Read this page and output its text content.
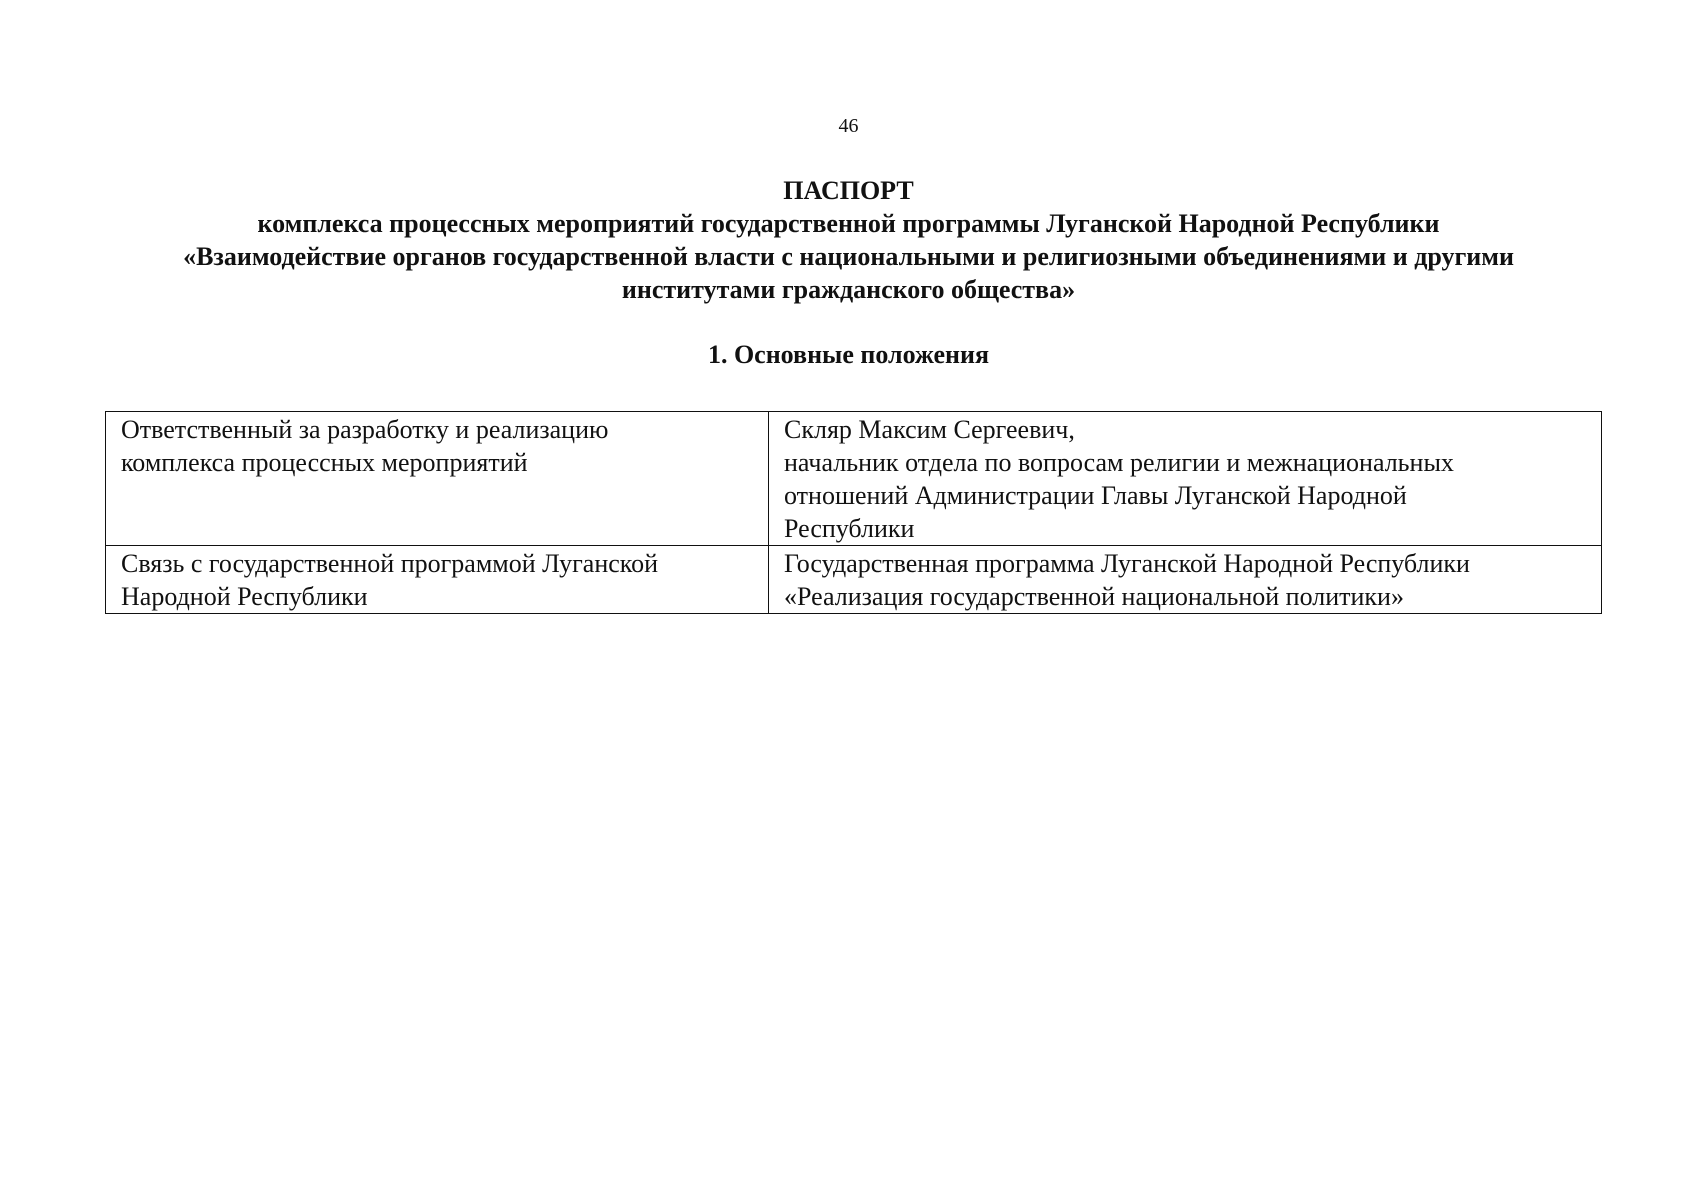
46
ПАСПОРТ
комплекса процессных мероприятий государственной программы Луганской Народной Республики
«Взаимодействие органов государственной власти с национальными и религиозными объединениями и другими
институтами гражданского общества»
1. Основные положения
Ответственный за разработку и реализацию
комплекса процессных мероприятий	Скляр Максим Сергеевич,
начальник отдела по вопросам религии и межнациональных
отношений Администрации Главы Луганской Народной
Республики

Связь с государственной программой Луганской
Народной Республики	Государственная программа Луганской Народной Республики
«Реализация государственной национальной политики»
